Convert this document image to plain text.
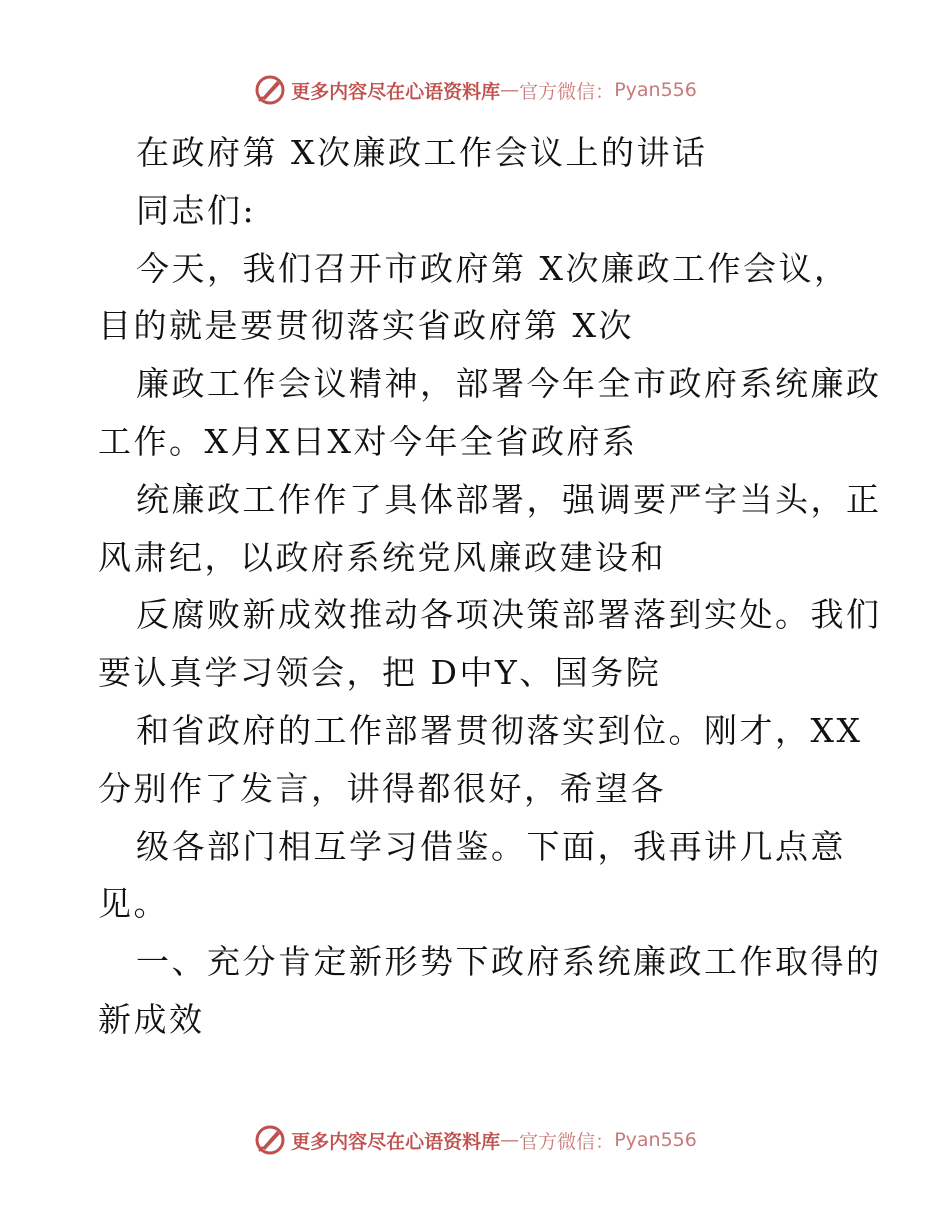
更多内容尽在心语资料库 — 官方微信： Pyan556
在政府第 X次廉政工作会议上的讲话
同志们:
今天，我们召开市政府第 X次廉政工作会议，
目的就是要贯彻落实省政府第 X次
廉政工作会议精神，部署今年全市政府系统廉政
工作。X月X日X对今年全省政府系
统廉政工作作了具体部署，强调要严字当头，正
风肃纪，以政府系统党风廉政建设和
反腐败新成效推动各项决策部署落到实处。我们
要认真学习领会，把 D中Y、国务院
和省政府的工作部署贯彻落实到位。刚才，XX
分别作了发言，讲得都很好，希望各
级各部门相互学习借鉴。下面，我再讲几点意
见。
一、充分肯定新形势下政府系统廉政工作取得的
新成效
更多内容尽在心语资料库 — 官方微信： Pyan556
